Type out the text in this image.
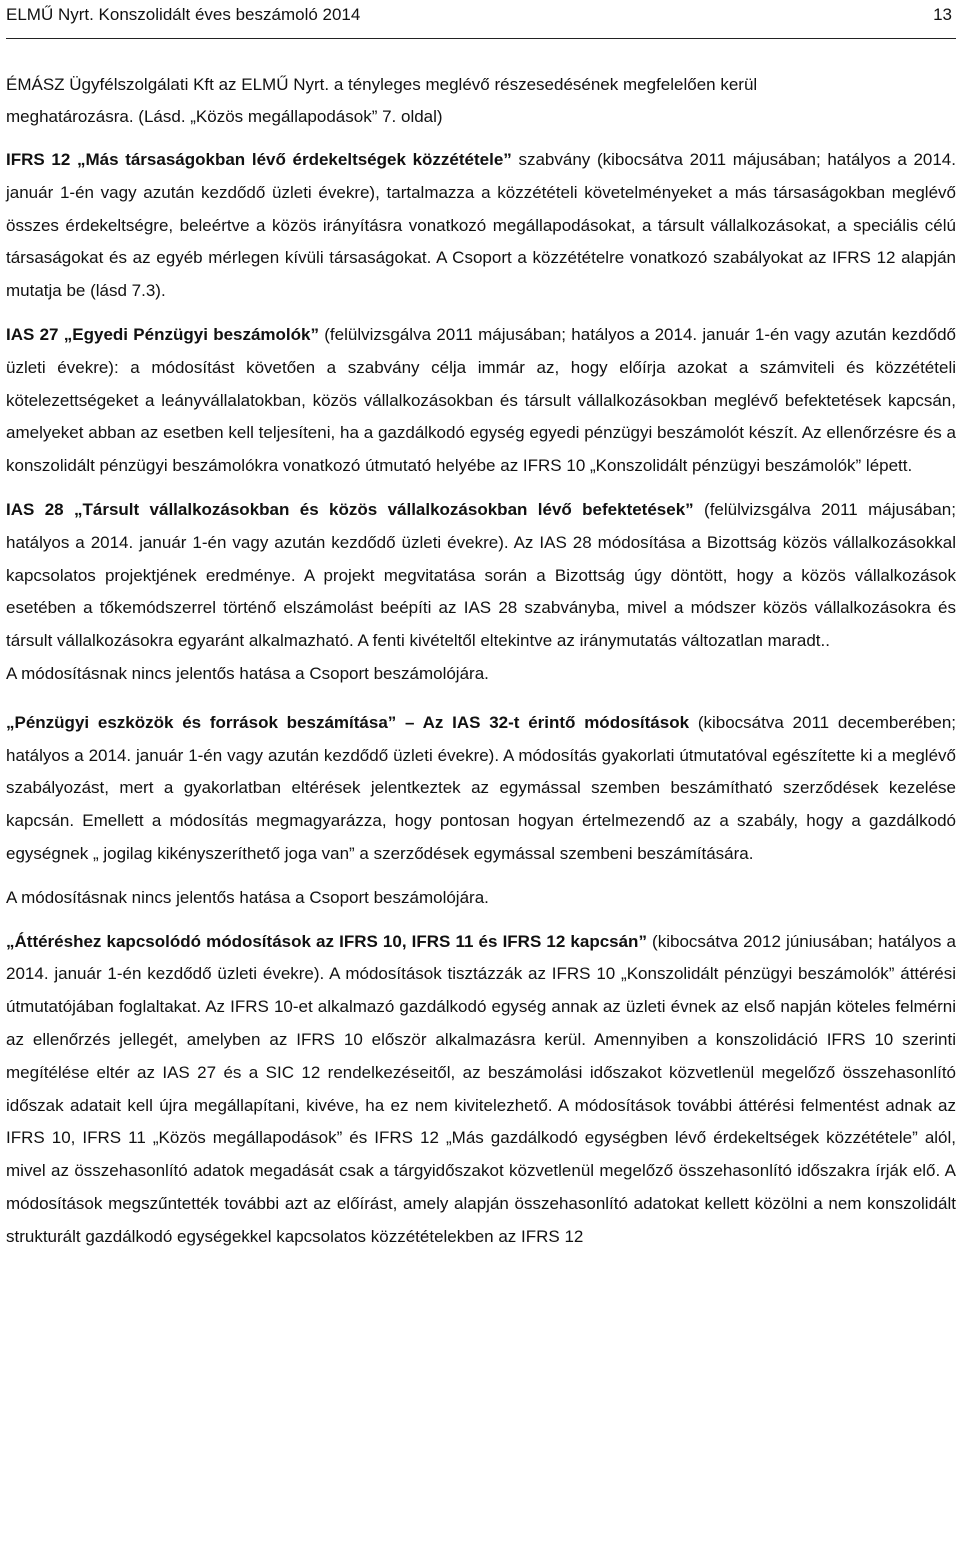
ELMŰ Nyrt. Konszolidált éves beszámoló 2014	13
ÉMÁSZ Ügyfélszolgálati Kft az ELMŰ Nyrt. a tényleges meglévő részesedésének megfelelően kerül
meghatározásra. (Lásd. „Közös megállapodások” 7. oldal)

IFRS 12 „Más társaságokban lévő érdekeltségek közzététele” szabvány (kibocsátva 2011 májusában; hatályos a 2014. január 1-én vagy azután kezdődő üzleti évekre), tartalmazza a közzétételi követelményeket a más társaságokban meglévő összes érdekeltségre, beleértve a közös irányításra vonatkozó megállapodásokat, a társult vállalkozásokat, a speciális célú társaságokat és az egyéb mérlegen kívüli társaságokat. A Csoport a közzétételre vonatkozó szabályokat az IFRS 12 alapján mutatja be (lásd 7.3).

IAS 27 „Egyedi Pénzügyi beszámolók” (felülvizsgálva 2011 májusában; hatályos a 2014. január 1-én vagy azután kezdődő üzleti évekre): a módosítást követően a szabvány célja immár az, hogy előírja azokat a számviteli és közzétételi kötelezettségeket a leányvállalatokban, közös vállalkozásokban és társult vállalkozásokban meglévő befektetések kapcsán, amelyeket abban az esetben kell teljesíteni, ha a gazdálkodó egység egyedi pénzügyi beszámolót készít. Az ellenőrzésre és a konszolidált pénzügyi beszámolókra vonatkozó útmutató helyébe az IFRS 10 „Konszolidált pénzügyi beszámolók” lépett.

IAS 28 „Társult vállalkozásokban és közös vállalkozásokban lévő befektetések” (felülvizsgálva 2011 májusában; hatályos a 2014. január 1-én vagy azután kezdődő üzleti évekre). Az IAS 28 módosítása a Bizottság közös vállalkozásokkal kapcsolatos projektjének eredménye. A projekt megvitatása során a Bizottság úgy döntött, hogy a közös vállalkozások esetében a tőkemódszerrel történő elszámolást beépíti az IAS 28 szabványba, mivel a módszer közös vállalkozásokra és társult vállalkozásokra egyaránt alkalmazható. A fenti kivételtől eltekintve az iránymutatás változatlan maradt..

A módosításnak nincs jelentős hatása a Csoport beszámolójára.

„Pénzügyi eszközök és források beszámítása” – Az IAS 32-t érintő módosítások (kibocsátva 2011 decemberében; hatályos a 2014. január 1-én vagy azután kezdődő üzleti évekre). A módosítás gyakorlati útmutatóval egészítette ki a meglévő szabályozást, mert a gyakorlatban eltérések jelentkeztek az egymással szemben beszámítható szerződések kezelése kapcsán. Emellett a módosítás megmagyarázza, hogy pontosan hogyan értelmezendő az a szabály, hogy a gazdálkodó egységnek „ jogilag kikényszeríthető joga van” a szerződések egymással szembeni beszámítására.

A módosításnak nincs jelentős hatása a Csoport beszámolójára.

„Áttéréshez kapcsolódó módosítások az IFRS 10, IFRS 11 és IFRS 12 kapcsán” (kibocsátva 2012 júniusában; hatályos a 2014. január 1-én kezdődő üzleti évekre). A módosítások tisztázzák az IFRS 10 „Konszolidált pénzügyi beszámolók” áttérési útmutatójában foglaltakat. Az IFRS 10-et alkalmazó gazdálkodó egység annak az üzleti évnek az első napján köteles felmérni az ellenőrzés jellegét, amelyben az IFRS 10 először alkalmazásra kerül. Amennyiben a konszolidáció IFRS 10 szerinti megítélése eltér az IAS 27 és a SIC 12 rendelkezéseitől, az beszámolási időszakot közvetlenül megelőző összehasonlító időszak adatait kell újra megállapítani, kivéve, ha ez nem kivitelezhető. A módosítások további áttérési felmentést adnak az IFRS 10, IFRS 11 „Közös megállapodások” és IFRS 12 „Más gazdálkodó egységben lévő érdekeltségek közzététele” alól, mivel az összehasonlító adatok megadását csak a tárgyidőszakot közvetlenül megelőző összehasonlító időszakra írják elő. A módosítások megszűntették további azt az előírást, amely alapján összehasonlító adatokat kellett közölni a nem konszolidált strukturált gazdálkodó egységekkel kapcsolatos közzétételekben az IFRS 12
